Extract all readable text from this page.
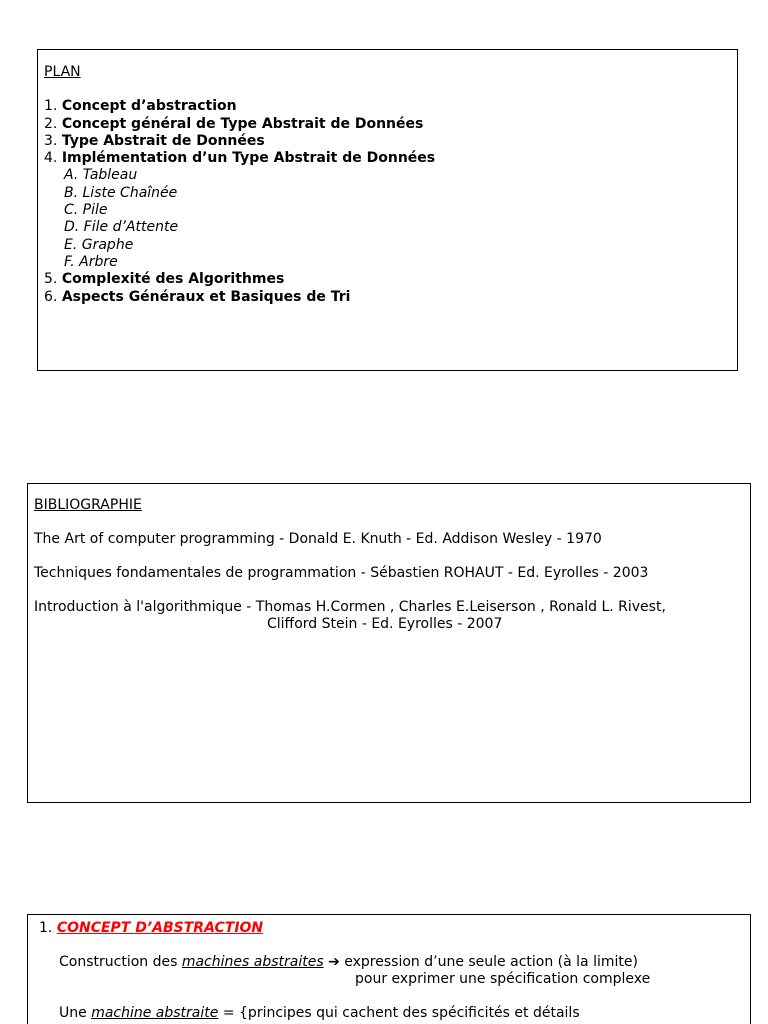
PLAN
1. Concept d’abstraction
2. Concept général de Type Abstrait de Données
3. Type Abstrait de Données
4. Implémentation d’un Type Abstrait de Données
A. Tableau
B. Liste Chaînée
C. Pile
D. File d’Attente
E. Graphe
F. Arbre
5. Complexité des Algorithmes
6. Aspects Généraux et Basiques de Tri
BIBLIOGRAPHIE
The Art of computer programming - Donald E. Knuth - Ed. Addison Wesley - 1970
Techniques fondamentales de programmation - Sébastien ROHAUT - Ed. Eyrolles - 2003
Introduction à l'algorithmique - Thomas H.Cormen , Charles E.Leiserson , Ronald L. Rivest,
Clifford Stein - Ed. Eyrolles - 2007
1. CONCEPT D’ABSTRACTION
Construction des machines abstraites ➔ expression d’une seule action (à la limite)
pour exprimer une spécification complexe
Une machine abstraite = {principes qui cachent des spécificités et détails
